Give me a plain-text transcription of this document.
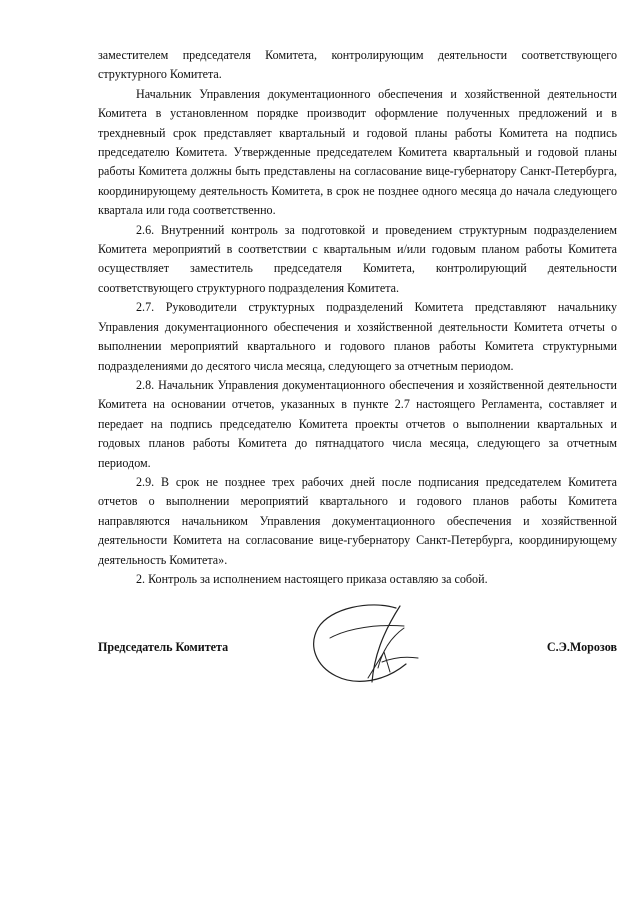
заместителем председателя Комитета, контролирующим деятельности соответствующего структурного Комитета.

Начальник Управления документационного обеспечения и хозяйственной деятельности Комитета в установленном порядке производит оформление полученных предложений и в трехдневный срок представляет квартальный и годовой планы работы Комитета на подпись председателю Комитета. Утвержденные председателем Комитета квартальный и годовой планы работы Комитета должны быть представлены на согласование вице-губернатору Санкт-Петербурга, координирующему деятельность Комитета, в срок не позднее одного месяца до начала следующего квартала или года соответственно.

2.6. Внутренний контроль за подготовкой и проведением структурным подразделением Комитета мероприятий в соответствии с квартальным и/или годовым планом работы Комитета осуществляет заместитель председателя Комитета, контролирующий деятельности соответствующего структурного подразделения Комитета.

2.7. Руководители структурных подразделений Комитета представляют начальнику Управления документационного обеспечения и хозяйственной деятельности Комитета отчеты о выполнении мероприятий квартального и годового планов работы Комитета структурными подразделениями до десятого числа месяца, следующего за отчетным периодом.

2.8. Начальник Управления документационного обеспечения и хозяйственной деятельности Комитета на основании отчетов, указанных в пункте 2.7 настоящего Регламента, составляет и передает на подпись председателю Комитета проекты отчетов о выполнении квартальных и годовых планов работы Комитета до пятнадцатого числа месяца, следующего за отчетным периодом.

2.9. В срок не позднее трех рабочих дней после подписания председателем Комитета отчетов о выполнении мероприятий квартального и годового планов работы Комитета направляются начальником Управления документационного обеспечения и хозяйственной деятельности Комитета на согласование вице-губернатору Санкт-Петербурга, координирующему деятельность Комитета».

2. Контроль за исполнением настоящего приказа оставляю за собой.

Председатель Комитета	С.Э.Морозов
